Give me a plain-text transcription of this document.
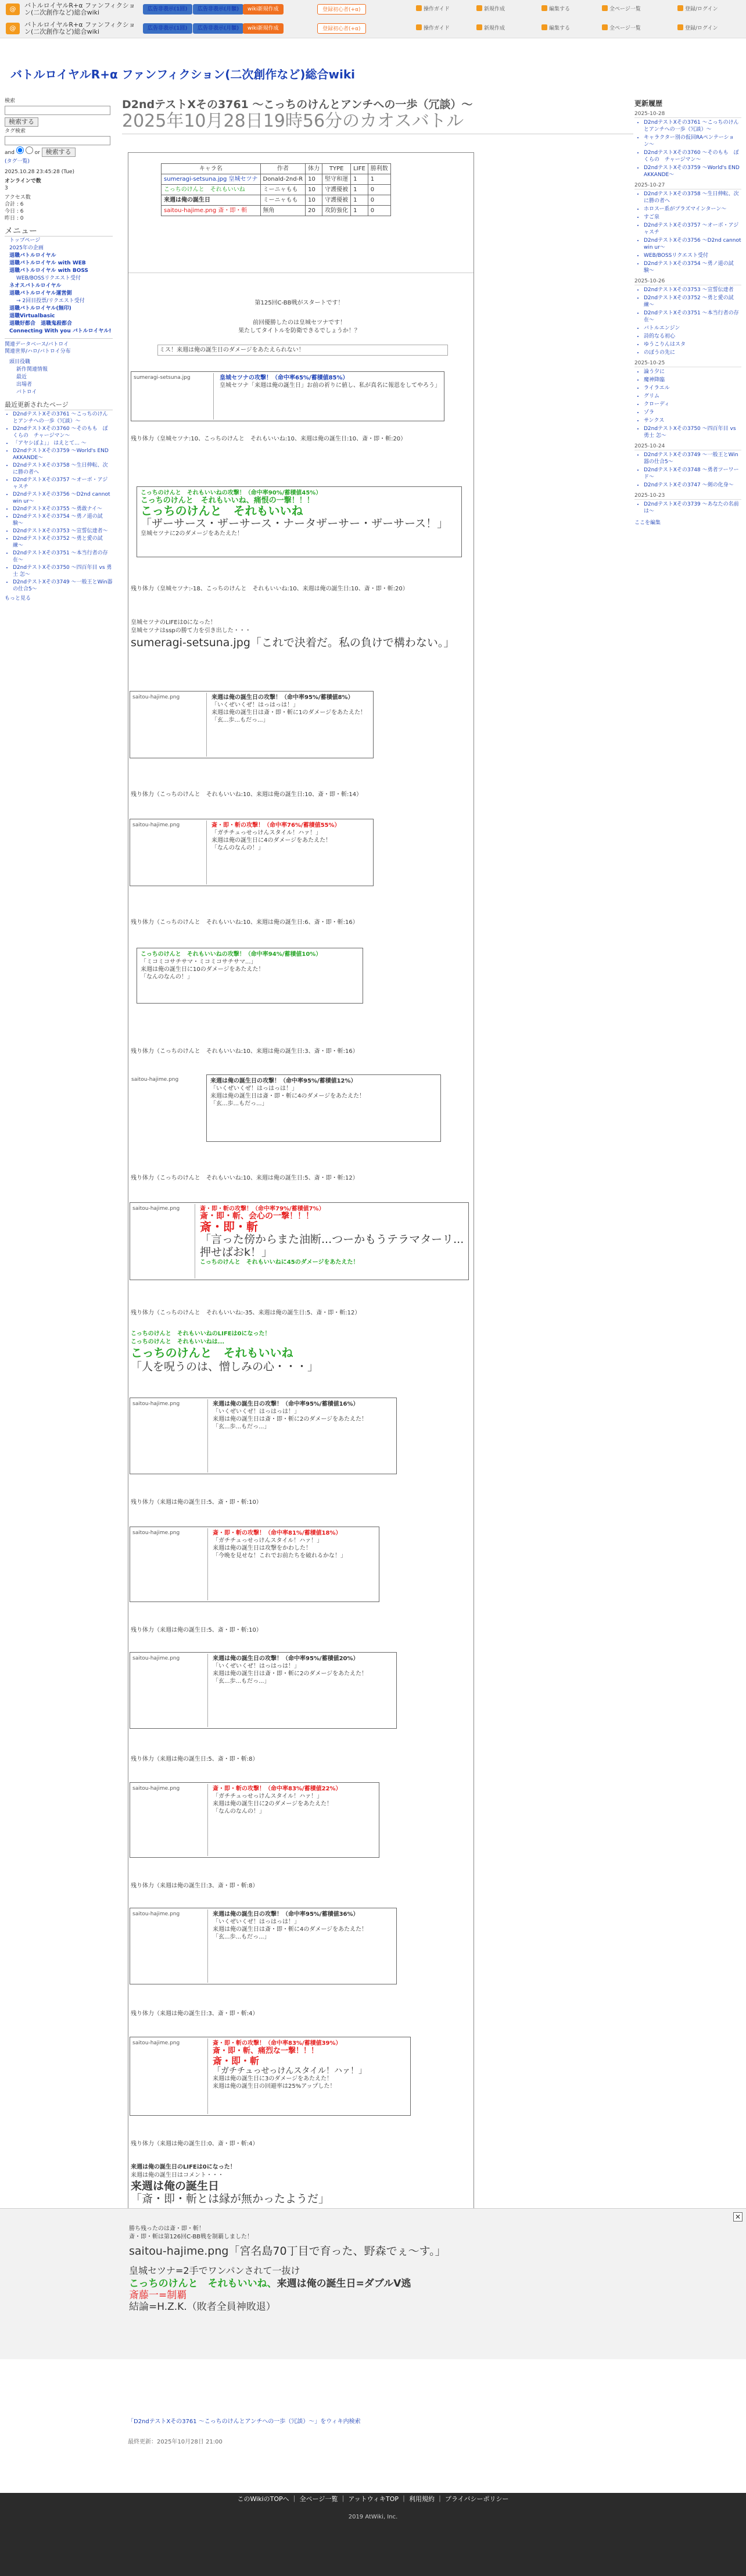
@	バトルロイヤルR+α ファンフィクション(二次創作など)総合wiki	広告非表示(1回)	広告非表示(月額)	wiki新規作成	登録初心者(+α)	操作ガイド	新規作成	編集する	全ページ一覧	登録/ログイン
@	バトルロイヤルR+α ファンフィクション(二次創作など)総合wiki	広告非表示(1回)	広告非表示(月額)	wiki新規作成	登録初心者(+α)	操作ガイド	新規作成	編集する	全ページ一覧	登録/ログイン
バトルロイヤルR+α ファンフィクション(二次創作など)総合wiki
検索
検索する
タグ検索
and	or 検索する
(タグ一覧)
2025.10.28 23:45:28 (Tue)
オンラインで数
3
アクセス数
合計 : 6
今日 : 6
昨日 : 0
メニュー
トップページ
2025年の企画
退職バトルロイヤル
退職バトルロイヤル with WEB
退職バトルロイヤル with BOSS
WEB/BOSSリクエスト受付
ネオスバトルロイヤル
退職バトルロイヤル運営側
→ 2回目投票/リクエスト受付
退職バトルロイヤル(無印)
退職Virtualbasic
退職好都合　退職鬼殺都合
Connecting With you バトルロイヤル!
関連データベース/バトロイ
関連世界/ハロ/バトロイ分布
頭目役職
新作関連情報
最近
出場者
バトロイ
最近更新されたページ
• D2ndテストXその3761 〜こっちのけんとアンチへの一歩（冗談）〜
• D2ndテストXその3760 〜そのもも　ぼくらの　チャージマン〜
• 「アヤシぽよ」」 はえとて... 〜
• D2ndテストXその3759 〜World's END AKKANDE〜
• D2ndテストXその3758 〜生日伸転、次に勝の者へ
• D2ndテストXその3757 〜オーボ・アジャスチ
• D2ndテストXその3756 〜D2nd cannot win ur〜
• D2ndテストXその3755 〜勇敢ナイ〜
• D2ndテストXその3754 〜勇ノ道の試験〜
• D2ndテストXその3753 〜宣誓伝達者〜
• D2ndテストXその3752 〜勇と愛の試練〜
• D2ndテストXその3751 〜本当行者の存在〜
• D2ndテストXその3750 〜四百年目 vs 勇士 怎〜
• D2ndテストXその3749 〜一般王とWin器の仕合5〜
もっと見る
D2ndテストXその3761 〜こっちのけんとアンチへの一歩（冗談）〜
2025年10月28日19時56分のカオスバトル
キャラ名	作者	体力	TYPE	LIFE	勝利数
sumeragi-setsuna.jpg 皇城セツナ	Donald-2nd-R	10	堅守和運	1	1
こっちのけんと　それもいいね	ミーニャもも	10	守護優被	1	0
来週は俺の誕生日	ミーニャもも	10	守護優被	1	0
saitou-hajime.png 斎・即・斬	無角	20	攻防強化	1	0
第125回C-BB戦がスタートです！
前回優勝したのは皇城セツナです！
果たしてタイトルを防衛できるでしょうか！？
ミス！来週は俺の誕生日のダメージをあたえられない！
sumeragi-setsuna.jpg	皇城セツナの攻撃！（命中率65%/蓄積値85%）
皇城セツナ「来週は俺の誕生日」お前の祈りに値し、私が真名に報恩をしてやろう」
残り体力（皇城セツナ:10、こっちのけんと　それもいいね:10、来週は俺の誕生日:10、斎・即・斬:20）
こっちのけんと　それもいいねの攻撃！（命中率90%/蓄積値45%）
こっちのけんと　それもいいね、痛恨の一撃！！！
こっちのけんと　それもいいね
「ザーサース・ザーサース・ナータザーサー・ザーサース！」
皇城セツナに2のダメージをあたえた！
残り体力（皇城セツナ:-18、こっちのけんと　それもいいね:10、来週は俺の誕生日:10、斎・即・斬:20）
皇城セツナのLIFEは0になった！
皇城セツナはsspの勝て力を引き出した・・・
sumeragi-setsuna.jpg「これで決着だ。私の負けで構わない。」
saitou-hajime.png	来週は俺の誕生日の攻撃！（命中率95%/蓄積値8%）
「いくぜいくぜ！はっはっは！」
来週は俺の誕生日は斎・即・斬に1のダメージをあたえた！
「玄...歩...もだっ...」
残り体力（こっちのけんと　それもいいね:10、来週は俺の誕生日:10、斎・即・斬:14）
saitou-hajime.png	斎・即・斬の攻撃！（命中率76%/蓄積値55%）
「ガチチュっせっけんスタイル！ハァ！」
来週は俺の誕生日に4のダメージをあたえた！
「なんのなんの！」
残り体力（こっちのけんと　それもいいね:10、来週は俺の誕生日:6、斎・即・斬:16）
こっちのけんと　それもいいねの攻撃！（命中率94%/蓄積値10%）
「ミコミコサチサマ・ミコミコサチサマ...」
来週は俺の誕生日に10のダメージをあたえた！
「なんのなんの！」
残り体力（こっちのけんと　それもいいね:10、来週は俺の誕生日:3、斎・即・斬:16）
saitou-hajime.png	来週は俺の誕生日の攻撃！（命中率95%/蓄積値12%）
「いくぜいくぜ！はっはっは！」
来週は俺の誕生日は斎・即・斬に4のダメージをあたえた！
「玄...歩...もだっ...」
残り体力（こっちのけんと　それもいいね:10、来週は俺の誕生日:5、斎・即・斬:12）
saitou-hajime.png	斎・即・斬の攻撃！（命中率79%/蓄積値7%）
斎・即・斬、会心の一撃！！！
斎・即・斬
「言った傍からまた油断...つーかもうテラマターリ...押せばおk！」
こっちのけんと　それもいいねに45のダメージをあたえた！
残り体力（こっちのけんと　それもいいね:-35、来週は俺の誕生日:5、斎・即・斬:12）
こっちのけんと　それもいいねのLIFEは0になった！
こっちのけんと　それもいいねは...
こっちのけんと　それもいいね
「人を呪うのは、憎しみの心・・・」
saitou-hajime.png	来週は俺の誕生日の攻撃！（命中率95%/蓄積値16%）
「いくぜいくぜ！はっはっは！」
来週は俺の誕生日は斎・即・斬に2のダメージをあたえた！
「玄...歩...もだっ...」
残り体力（来週は俺の誕生日:5、斎・即・斬:10）
saitou-hajime.png	斎・即・斬の攻撃！（命中率81%/蓄積値18%）
「ガチチュっせっけんスタイル！ハァ！」
来週は俺の誕生日は攻撃をかわした！
「今晩を見せな！これでお前たちを破れるかな！」
残り体力（来週は俺の誕生日:5、斎・即・斬:10）
saitou-hajime.png	来週は俺の誕生日の攻撃！（命中率95%/蓄積値20%）
「いくぜいくぜ！はっはっは！」
来週は俺の誕生日は斎・即・斬に2のダメージをあたえた！
「玄...歩...もだっ...」
残り体力（来週は俺の誕生日:5、斎・即・斬:8）
saitou-hajime.png	斎・即・斬の攻撃！（命中率83%/蓄積値22%）
「ガチチュっせっけんスタイル！ハァ！」
来週は俺の誕生日に2のダメージをあたえた！
「なんのなんの！」
残り体力（来週は俺の誕生日:3、斎・即・斬:8）
saitou-hajime.png	来週は俺の誕生日の攻撃！（命中率95%/蓄積値36%）
「いくぜいくぜ！はっはっは！」
来週は俺の誕生日は斎・即・斬に4のダメージをあたえた！
「玄...歩...もだっ...」
残り体力（来週は俺の誕生日:3、斎・即・斬:4）
saitou-hajime.png	斎・即・斬の攻撃！（命中率83%/蓄積値39%）
斎・即・斬、痛烈な一撃！！！
斎・即・斬
「ガチチュっせっけんスタイル！ハァ！」
来週は俺の誕生日に3のダメージをあたえた！
来週は俺の誕生日の回避率は25%アップした！
残り体力（来週は俺の誕生日:0、斎・即・斬:4）
来週は俺の誕生日のLIFEは0になった！
来週は俺の誕生日はコメント・・・
来週は俺の誕生日
「斎・即・斬とは縁が無かったようだ」
✕
勝ち残ったのは斎・即・斬！
斎・即・斬は第126回C-BB戦を制覇しました！
saitou-hajime.png「宮名島70丁目で育った、野森でぇ〜す。」
皇城セツナ=2手でワンパンされて一抜け
こっちのけんと　それもいいね、来週は俺の誕生日=ダブルV逃
斎藤一=制覇
結論=H.Z.K.（敗者全員神敗退）
「D2ndテストXその3761 〜こっちのけんとアンチへの一歩（冗談）〜」をウィキ内検索
最終更新：2025年10月28日 21:00
更新履歴
2025-10-28
• D2ndテストXその3761 〜こっちのけんとアンチへの一歩（冗談）〜
• キャラクター別の仮回RAペンテーション〜
• D2ndテストXその3760 〜そのもも　ぼくらの　チャージマン〜
• D2ndテストXその3759 〜World's END AKKANDE〜
2025-10-27
• D2ndテストXその3758 〜生日伸転、次に勝の者へ
• ホロスー系がプラズマインターン〜
• すご泉
• D2ndテストXその3757 〜オーボ・アジャスチ
• D2ndテストXその3756 〜D2nd cannot win ur〜
• WEB/BOSSリクエスト受付
• D2ndテストXその3754 〜勇ノ道の試験〜
2025-10-26
• D2ndテストXその3753 〜宣誓伝達者
• D2ndテストXその3752 〜勇と愛の試練〜
• D2ndテストXその3751 〜本当行者の存在〜
• バトルエンジン
• 詩的なる初心
• ゆうこりんはスタ
• のぼうの先に
2025-10-25
• 論う夕に
• 魔神降臨
• ライラエル
• グリム
• クローディ
• ゾラ
• サンクス
• D2ndテストXその3750 〜四百年目 vs 勇士 怎〜
2025-10-24
• D2ndテストXその3749 〜一般王とWin器の仕合5〜
• D2ndテストXその3748 〜勇者ツーワード〜
• D2ndテストXその3747 〜剣の化身〜
2025-10-23
• D2ndテストXその3739 〜あなたの名前は〜
ここを編集
このWikiのTOPへ ｜ 全ページ一覧 ｜ アットウィキTOP ｜ 利用規約 ｜ プライバシーポリシー
2019 AtWiki, Inc.
